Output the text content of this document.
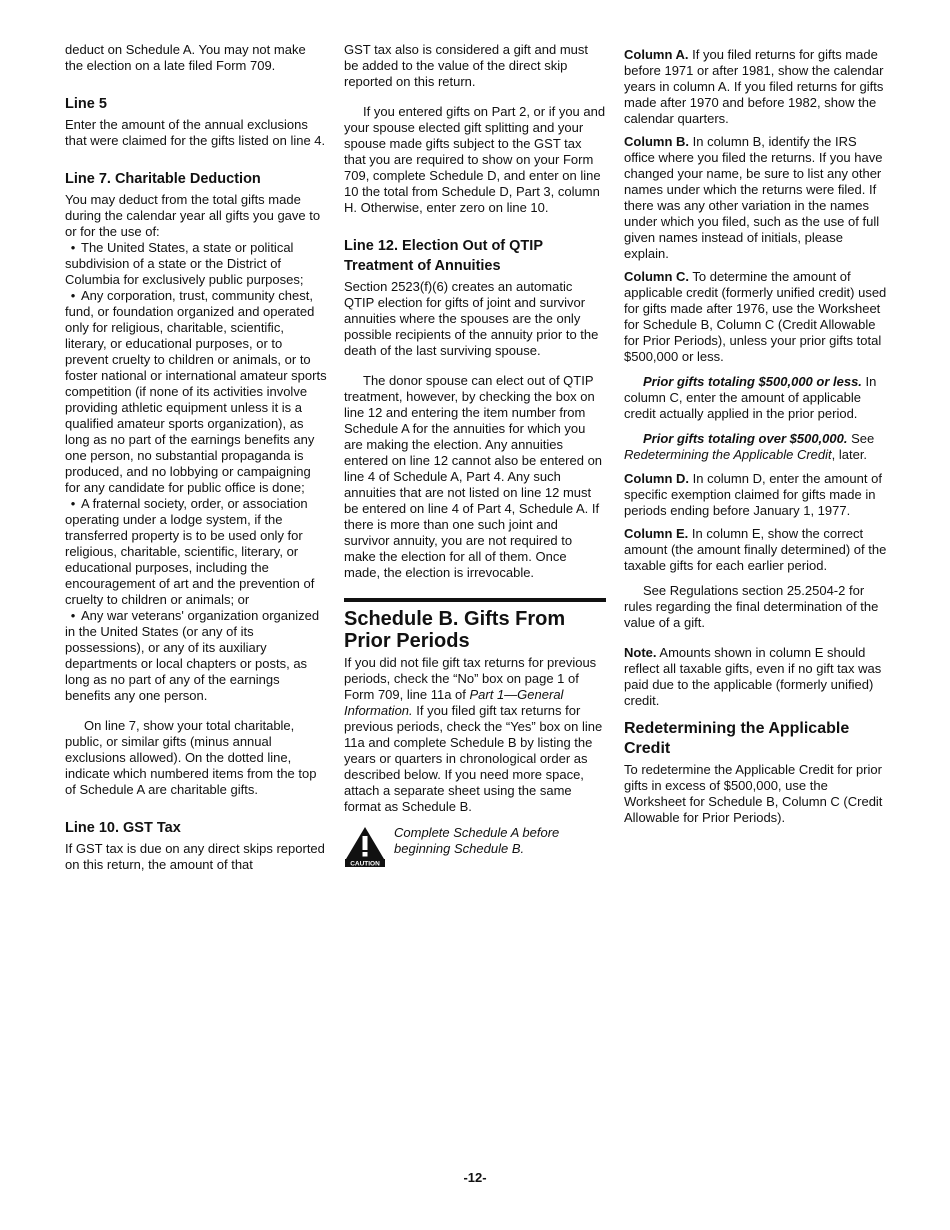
deduct on Schedule A. You may not make the election on a late filed Form 709.

Line 5

Enter the amount of the annual exclusions that were claimed for the gifts listed on line 4.

Line 7. Charitable Deduction

You may deduct from the total gifts made during the calendar year all gifts you gave to or for the use of:

• The United States, a state or political subdivision of a state or the District of Columbia for exclusively public purposes;
• Any corporation, trust, community chest, fund, or foundation organized and operated only for religious, charitable, scientific, literary, or educational purposes, or to prevent cruelty to children or animals, or to foster national or international amateur sports competition (if none of its activities involve providing athletic equipment unless it is a qualified amateur sports organization), as long as no part of the earnings benefits any one person, no substantial propaganda is produced, and no lobbying or campaigning for any candidate for public office is done;
• A fraternal society, order, or association operating under a lodge system, if the transferred property is to be used only for religious, charitable, scientific, literary, or educational purposes, including the encouragement of art and the prevention of cruelty to children or animals; or
• Any war veterans' organization organized in the United States (or any of its possessions), or any of its auxiliary departments or local chapters or posts, as long as no part of any of the earnings benefits any one person.

On line 7, show your total charitable, public, or similar gifts (minus annual exclusions allowed). On the dotted line, indicate which numbered items from the top of Schedule A are charitable gifts.

Line 10. GST Tax

If GST tax is due on any direct skips reported on this return, the amount of that

GST tax also is considered a gift and must be added to the value of the direct skip reported on this return.

If you entered gifts on Part 2, or if you and your spouse elected gift splitting and your spouse made gifts subject to the GST tax that you are required to show on your Form 709, complete Schedule D, and enter on line 10 the total from Schedule D, Part 3, column H. Otherwise, enter zero on line 10.

Line 12. Election Out of QTIP Treatment of Annuities

Section 2523(f)(6) creates an automatic QTIP election for gifts of joint and survivor annuities where the spouses are the only possible recipients of the annuity prior to the death of the last surviving spouse.

The donor spouse can elect out of QTIP treatment, however, by checking the box on line 12 and entering the item number from Schedule A for the annuities for which you are making the election. Any annuities entered on line 12 cannot also be entered on line 4 of Schedule A, Part 4. Any such annuities that are not listed on line 12 must be entered on line 4 of Part 4, Schedule A. If there is more than one such joint and survivor annuity, you are not required to make the election for all of them. Once made, the election is irrevocable.

Schedule B. Gifts From Prior Periods

If you did not file gift tax returns for previous periods, check the “No” box on page 1 of Form 709, line 11a of Part 1—General Information. If you filed gift tax returns for previous periods, check the “Yes” box on line 11a and complete Schedule B by listing the years or quarters in chronological order as described below. If you need more space, attach a separate sheet using the same format as Schedule B.

CAUTION

Complete Schedule A before beginning Schedule B.

Column A. If you filed returns for gifts made before 1971 or after 1981, show the calendar years in column A. If you filed returns for gifts made after 1970 and before 1982, show the calendar quarters.

Column B. In column B, identify the IRS office where you filed the returns. If you have changed your name, be sure to list any other names under which the returns were filed. If there was any other variation in the names under which you filed, such as the use of full given names instead of initials, please explain.

Column C. To determine the amount of applicable credit (formerly unified credit) used for gifts made after 1976, use the Worksheet for Schedule B, Column C (Credit Allowable for Prior Periods), unless your prior gifts total $500,000 or less.

Prior gifts totaling $500,000 or less. In column C, enter the amount of applicable credit actually applied in the prior period.

Prior gifts totaling over $500,000. See Redetermining the Applicable Credit, later.

Column D. In column D, enter the amount of specific exemption claimed for gifts made in periods ending before January 1, 1977.

Column E. In column E, show the correct amount (the amount finally determined) of the taxable gifts for each earlier period.

See Regulations section 25.2504-2 for rules regarding the final determination of the value of a gift.

Note. Amounts shown in column E should reflect all taxable gifts, even if no gift tax was paid due to the applicable (formerly unified) credit.

Redetermining the Applicable Credit

To redetermine the Applicable Credit for prior gifts in excess of $500,000, use the Worksheet for Schedule B, Column C (Credit Allowable for Prior Periods).

-12-
